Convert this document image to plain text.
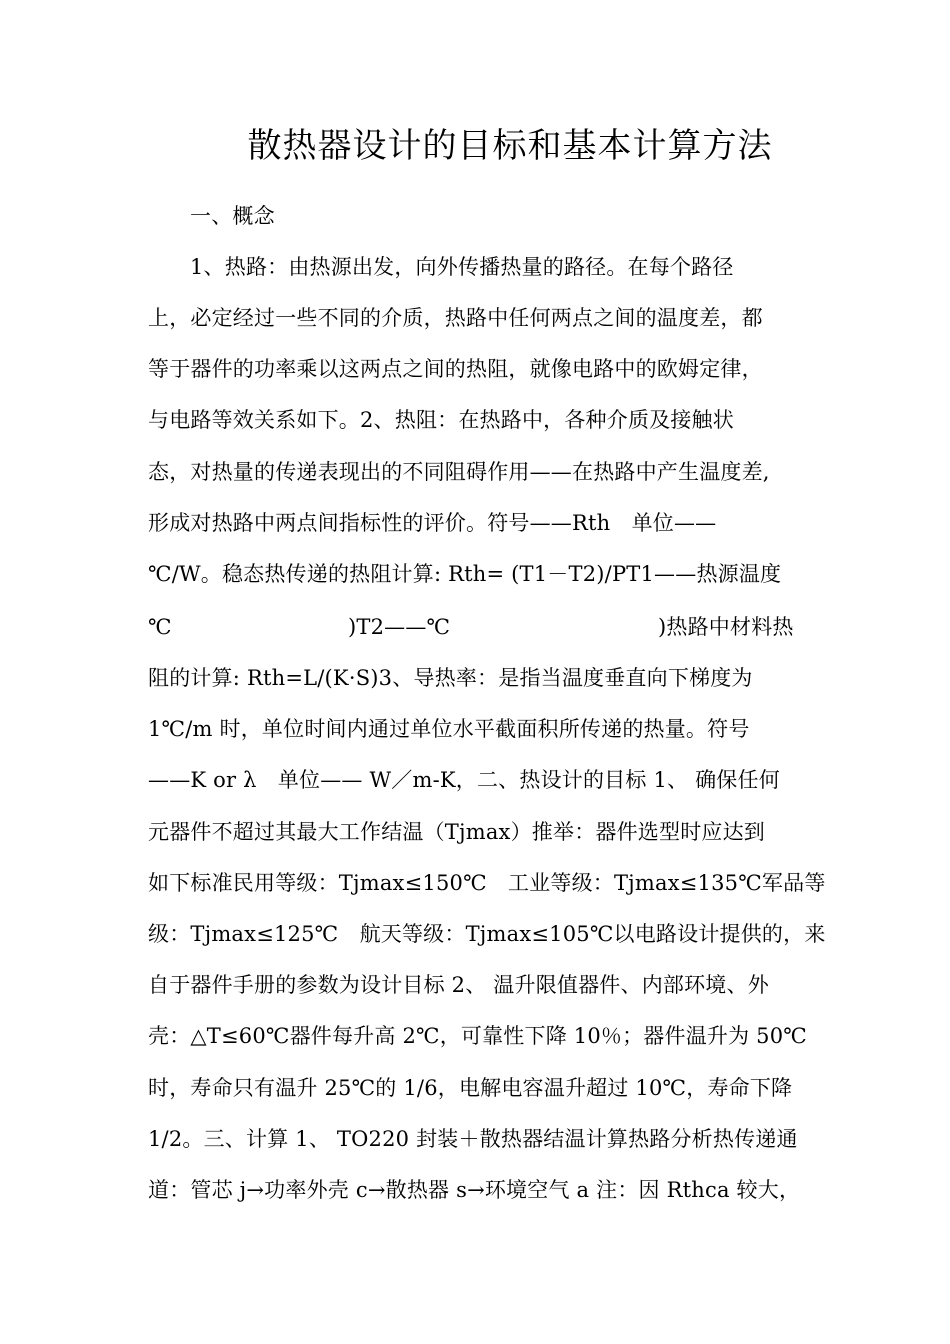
散热器设计的目标和基本计算方法
一、概念
1、热路：由热源出发，向外传播热量的路径。在每个路径
上，必定经过一些不同的介质，热路中任何两点之间的温度差，都
等于器件的功率乘以这两点之间的热阻，就像电路中的欧姆定律，
与电路等效关系如下。2、热阻：在热路中，各种介质及接触状
态，对热量的传递表现出的不同阻碍作用——在热路中产生温度差,
形成对热路中两点间指标性的评价。符号——Rth　单位——
℃/W。稳态热传递的热阻计算: Rth= (T1－T2)/PT1——热源温度
℃	)T2——℃	)热路中材料热
阻的计算: Rth=L/(K·S)3、导热率：是指当温度垂直向下梯度为
1℃/m 时，单位时间内通过单位水平截面积所传递的热量。符号
——K or λ　单位—— W／m-K，二、热设计的目标 1、 确保任何
元器件不超过其最大工作结温（Tjmax）推举：器件选型时应达到
如下标准民用等级：Tjmax≤150℃　工业等级：Tjmax≤135℃军品等
级：Tjmax≤125℃　航天等级：Tjmax≤105℃以电路设计提供的，来
自于器件手册的参数为设计目标 2、 温升限值器件、内部环境、外
壳：△T≤60℃器件每升高 2℃，可靠性下降 10％；器件温升为 50℃
时，寿命只有温升 25℃的 1/6，电解电容温升超过 10℃，寿命下降
1/2。三、计算 1、 TO220 封装＋散热器结温计算热路分析热传递通
道：管芯 j→功率外壳 c→散热器 s→环境空气 a 注：因 Rthca 较大，
